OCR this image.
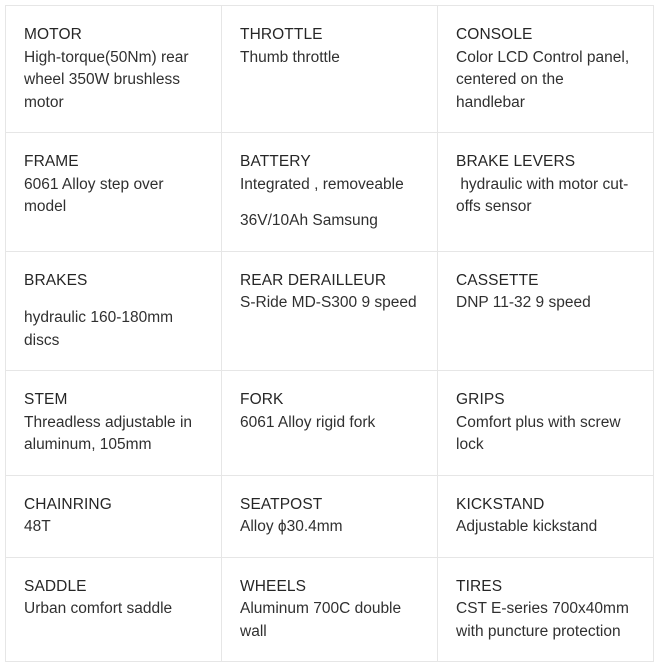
MOTOR
High-torque(50Nm) rear wheel 350W brushless motor	THROTTLE
Thumb throttle	CONSOLE
Color LCD Control panel, centered on the handlebar

FRAME
6061 Alloy step over model	BATTERY
Integrated , removeable
36V/10Ah Samsung	BRAKE LEVERS
hydraulic with motor cut-offs sensor

BRAKES
hydraulic 160-180mm discs	REAR DERAILLEUR
S-Ride MD-S300 9 speed	CASSETTE
DNP 11-32 9 speed

STEM
Threadless adjustable in aluminum, 105mm	FORK
6061 Alloy rigid fork	GRIPS
Comfort plus with screw lock

CHAINRING
48T	SEATPOST
Alloy ϕ30.4mm	KICKSTAND
Adjustable kickstand

SADDLE
Urban comfort saddle	WHEELS
Aluminum 700C double wall	TIRES
CST E-series 700x40mm with puncture protection
